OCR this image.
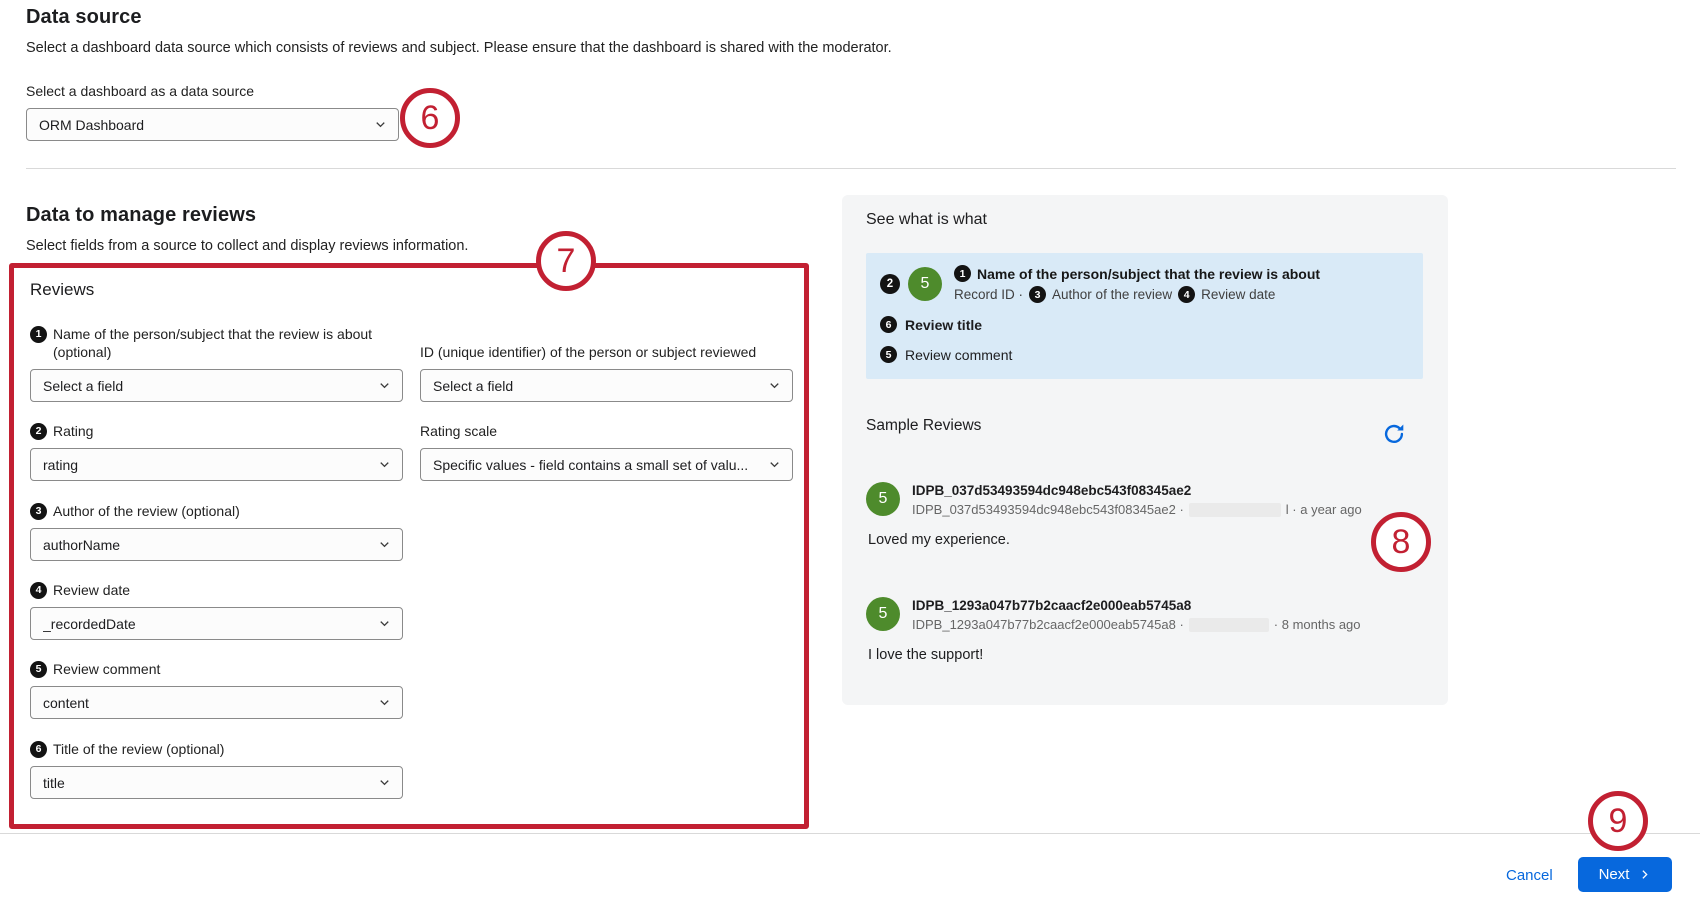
Data source
Select a dashboard data source which consists of reviews and subject. Please ensure that the dashboard is shared with the moderator.
Select a dashboard as a data source
ORM Dashboard
Data to manage reviews
Select fields from a source to collect and display reviews information.
Reviews
1 Name of the person/subject that the review is about (optional)
Select a field
ID (unique identifier) of the person or subject reviewed
Select a field
2 Rating
rating
Rating scale
Specific values - field contains a small set of valu...
3 Author of the review (optional)
authorName
4 Review date
_recordedDate
5 Review comment
content
6 Title of the review (optional)
title
See what is what
2	5
1 Name of the person/subject that the review is about
Record ID ·	3 Author of the review	4 Review date
6 Review title
5 Review comment
Sample Reviews
5	IDPB_037d53493594dc948ebc543f08345ae2
IDPB_037d53493594dc948ebc543f08345ae2 ·	l · a year ago
Loved my experience.
5	IDPB_1293a047b77b2caacf2e000eab5745a8
IDPB_1293a047b77b2caacf2e000eab5745a8 ·	· 8 months ago
I love the support!
Cancel	Next
6
7
8
9
